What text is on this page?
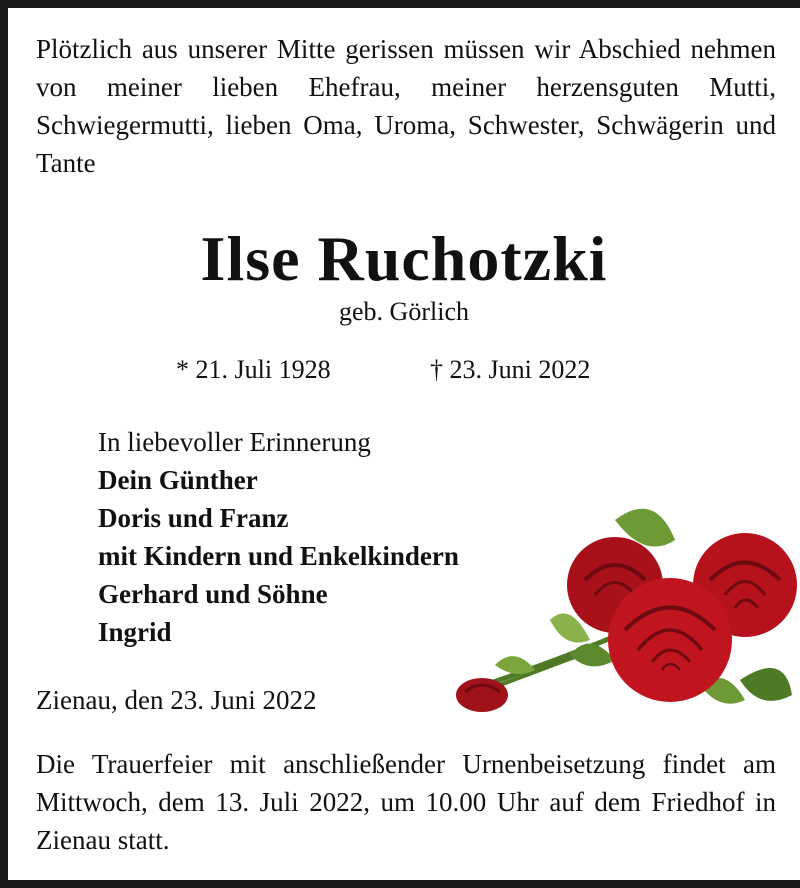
Plötzlich aus unserer Mitte gerissen müssen wir Abschied nehmen von meiner lieben Ehefrau, meiner herzensguten Mutti, Schwiegermutti, lieben Oma, Uroma, Schwester, Schwägerin und Tante

Ilse Ruchotzki

geb. Görlich

* 21. Juli 1928	† 23. Juni 2022
In liebevoller Erinnerung
Dein Günther
Doris und Franz
mit Kindern und Enkelkindern
Gerhard und Söhne
Ingrid
Zienau, den 23. Juni 2022

Die Trauerfeier mit anschließender Urnenbeisetzung findet am Mittwoch, dem 13. Juli 2022, um 10.00 Uhr auf dem Friedhof in Zienau statt.
